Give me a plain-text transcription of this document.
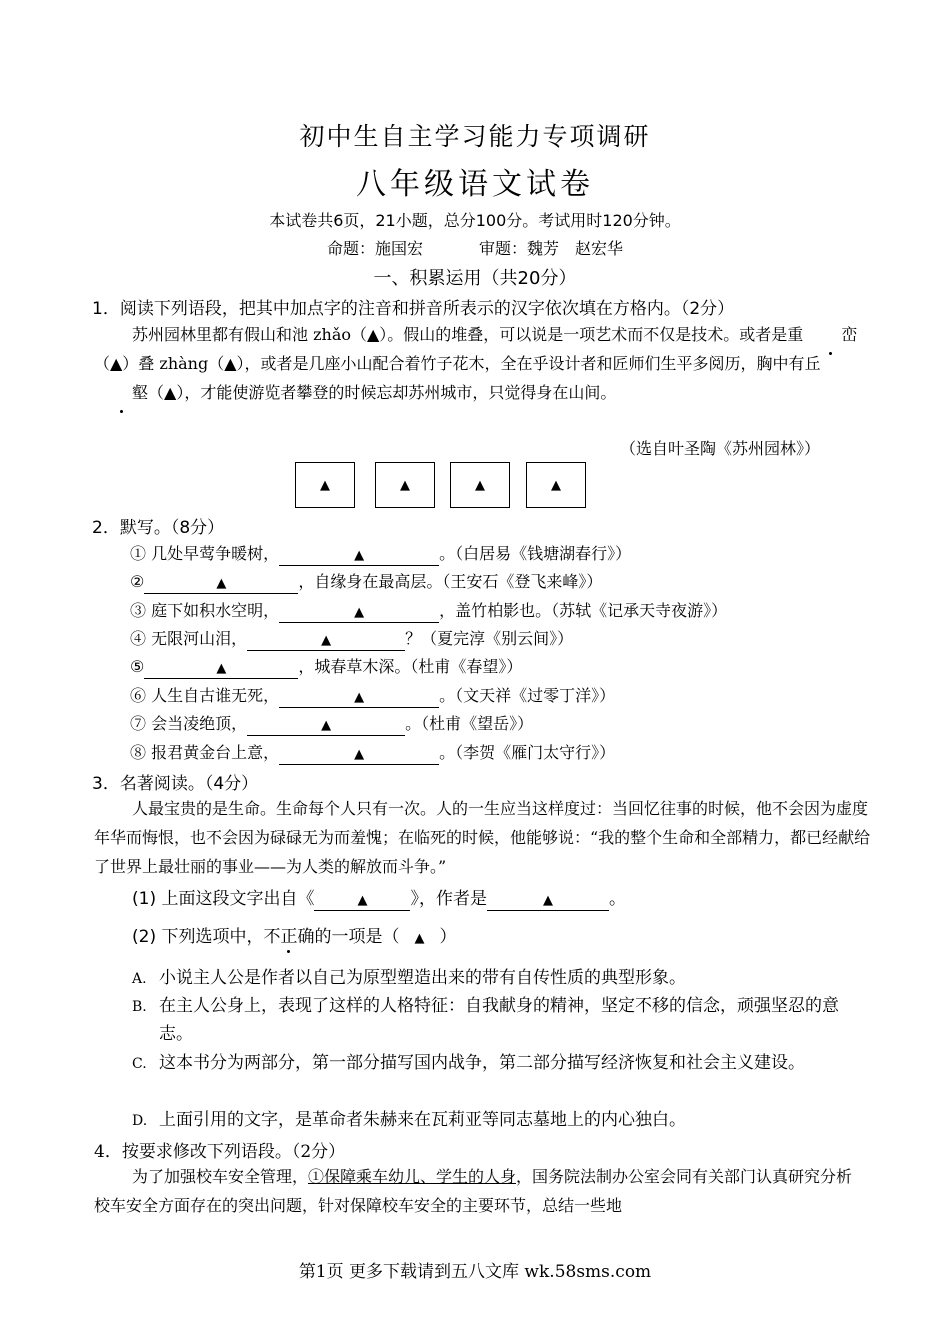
初中生自主学习能力专项调研
八年级语文试卷
本试卷共6页，21小题，总分100分。考试用时120分钟。
命题：施国宏	审题：魏芳　赵宏华
一、积累运用（共20分）
1．阅读下列语段，把其中加点字的注音和拼音所表示的汉字依次填在方格内。（2分）
苏州园林里都有假山和池 zhǎo（▲）。假山的堆叠，可以说是一项艺术而不仅是技术。或者是重 峦（▲）叠 zhàng（▲），或者是几座小山配合着竹子花木，全在乎设计者和匠师们生平多阅历，胸中有丘壑（▲），才能使游览者攀登的时候忘却苏州城市，只觉得身在山间。
（选自叶圣陶《苏州园林》）
▲	▲	▲	▲
2．默写。（8分）
① 几处早莺争暖树，	▲	。（白居易《钱塘湖春行》）
②	▲	，自缘身在最高层。（王安石《登飞来峰》）
③ 庭下如积水空明，	▲	，盖竹柏影也。（苏轼《记承天寺夜游》）
④ 无限河山泪，	▲	？（夏完淳《别云间》）
⑤	▲	，城春草木深。（杜甫《春望》）
⑥ 人生自古谁无死，	▲	。（文天祥《过零丁洋》）
⑦ 会当凌绝顶，	▲	。（杜甫《望岳》）
⑧ 报君黄金台上意，	▲	。（李贺《雁门太守行》）
3．名著阅读。（4分）
人最宝贵的是生命。生命每个人只有一次。人的一生应当这样度过：当回忆往事的时候，他不会因为虚度年华而悔恨，也不会因为碌碌无为而羞愧；在临死的时候，他能够说：“我的整个生命和全部精力，都已经献给了世界上最壮丽的事业——为人类的解放而斗争。”
(1) 上面这段文字出自《	▲	》，作者是	▲	。
(2) 下列选项中，不正确的一项是（ ▲ ）
A. 小说主人公是作者以自己为原型塑造出来的带有自传性质的典型形象。
B. 在主人公身上，表现了这样的人格特征：自我献身的精神，坚定不移的信念，顽强坚忍的意志。
C. 这本书分为两部分，第一部分描写国内战争，第二部分描写经济恢复和社会主义建设。
D. 上面引用的文字，是革命者朱赫来在瓦莉亚等同志墓地上的内心独白。
4．按要求修改下列语段。（2分）
为了加强校车安全管理，①保障乘车幼儿、学生的人身，国务院法制办公室会同有关部门认真研究分析校车安全方面存在的突出问题，针对保障校车安全的主要环节，总结一些地
第1页 更多下载请到五八文库 wk.58sms.com
